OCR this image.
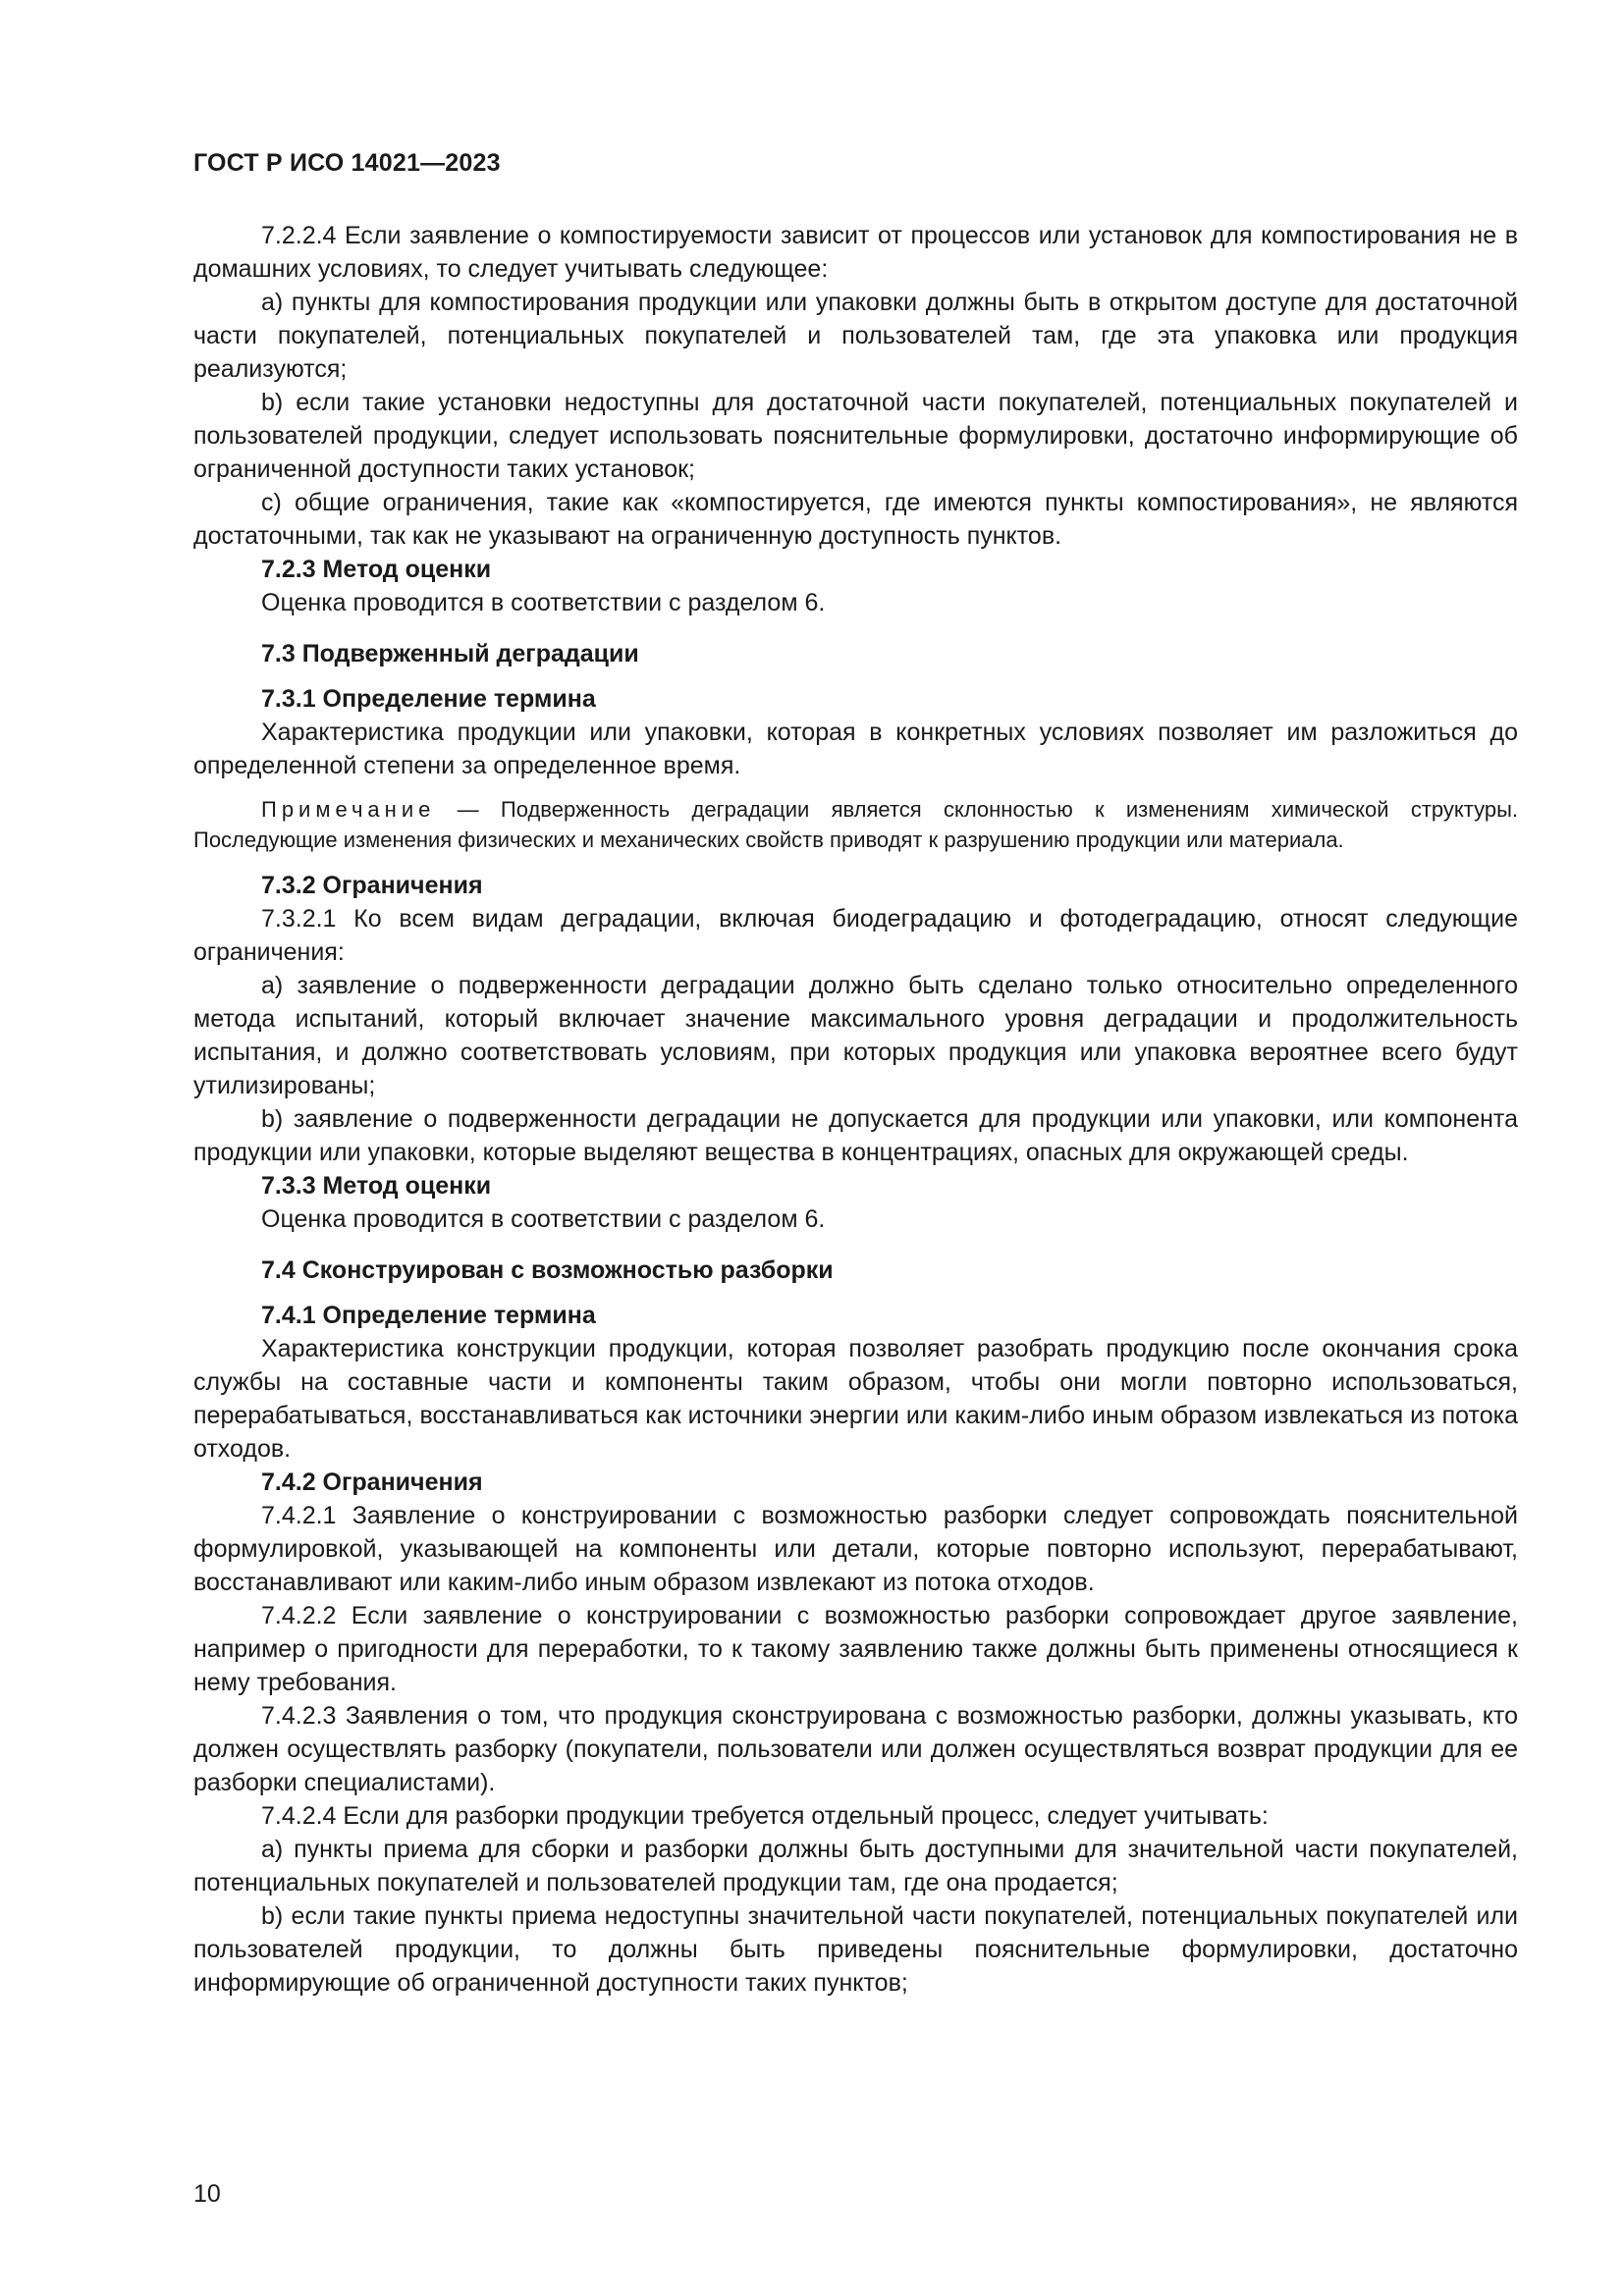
ГОСТ Р ИСО 14021—2023

7.2.2.4 Если заявление о компостируемости зависит от процессов или установок для компостирования не в домашних условиях, то следует учитывать следующее:

а) пункты для компостирования продукции или упаковки должны быть в открытом доступе для достаточной части покупателей, потенциальных покупателей и пользователей там, где эта упаковка или продукция реализуются;

b) если такие установки недоступны для достаточной части покупателей, потенциальных покупателей и пользователей продукции, следует использовать пояснительные формулировки, достаточно информирующие об ограниченной доступности таких установок;

с) общие ограничения, такие как «компостируется, где имеются пункты компостирования», не являются достаточными, так как не указывают на ограниченную доступность пунктов.

7.2.3 Метод оценки

Оценка проводится в соответствии с разделом 6.

7.3 Подверженный деградации

7.3.1 Определение термина

Характеристика продукции или упаковки, которая в конкретных условиях позволяет им разложиться до определенной степени за определенное время.

Примечание — Подверженность деградации является склонностью к изменениям химической структуры. Последующие изменения физических и механических свойств приводят к разрушению продукции или материала.

7.3.2 Ограничения

7.3.2.1 Ко всем видам деградации, включая биодеградацию и фотодеградацию, относят следующие ограничения:

а) заявление о подверженности деградации должно быть сделано только относительно определенного метода испытаний, который включает значение максимального уровня деградации и продолжительность испытания, и должно соответствовать условиям, при которых продукция или упаковка вероятнее всего будут утилизированы;

b) заявление о подверженности деградации не допускается для продукции или упаковки, или компонента продукции или упаковки, которые выделяют вещества в концентрациях, опасных для окружающей среды.

7.3.3 Метод оценки

Оценка проводится в соответствии с разделом 6.

7.4 Сконструирован с возможностью разборки

7.4.1 Определение термина

Характеристика конструкции продукции, которая позволяет разобрать продукцию после окончания срока службы на составные части и компоненты таким образом, чтобы они могли повторно использоваться, перерабатываться, восстанавливаться как источники энергии или каким-либо иным образом извлекаться из потока отходов.

7.4.2 Ограничения

7.4.2.1 Заявление о конструировании с возможностью разборки следует сопровождать пояснительной формулировкой, указывающей на компоненты или детали, которые повторно используют, перерабатывают, восстанавливают или каким-либо иным образом извлекают из потока отходов.

7.4.2.2 Если заявление о конструировании с возможностью разборки сопровождает другое заявление, например о пригодности для переработки, то к такому заявлению также должны быть применены относящиеся к нему требования.

7.4.2.3 Заявления о том, что продукция сконструирована с возможностью разборки, должны указывать, кто должен осуществлять разборку (покупатели, пользователи или должен осуществляться возврат продукции для ее разборки специалистами).

7.4.2.4 Если для разборки продукции требуется отдельный процесс, следует учитывать:

а) пункты приема для сборки и разборки должны быть доступными для значительной части покупателей, потенциальных покупателей и пользователей продукции там, где она продается;

b) если такие пункты приема недоступны значительной части покупателей, потенциальных покупателей или пользователей продукции, то должны быть приведены пояснительные формулировки, достаточно информирующие об ограниченной доступности таких пунктов;

10
